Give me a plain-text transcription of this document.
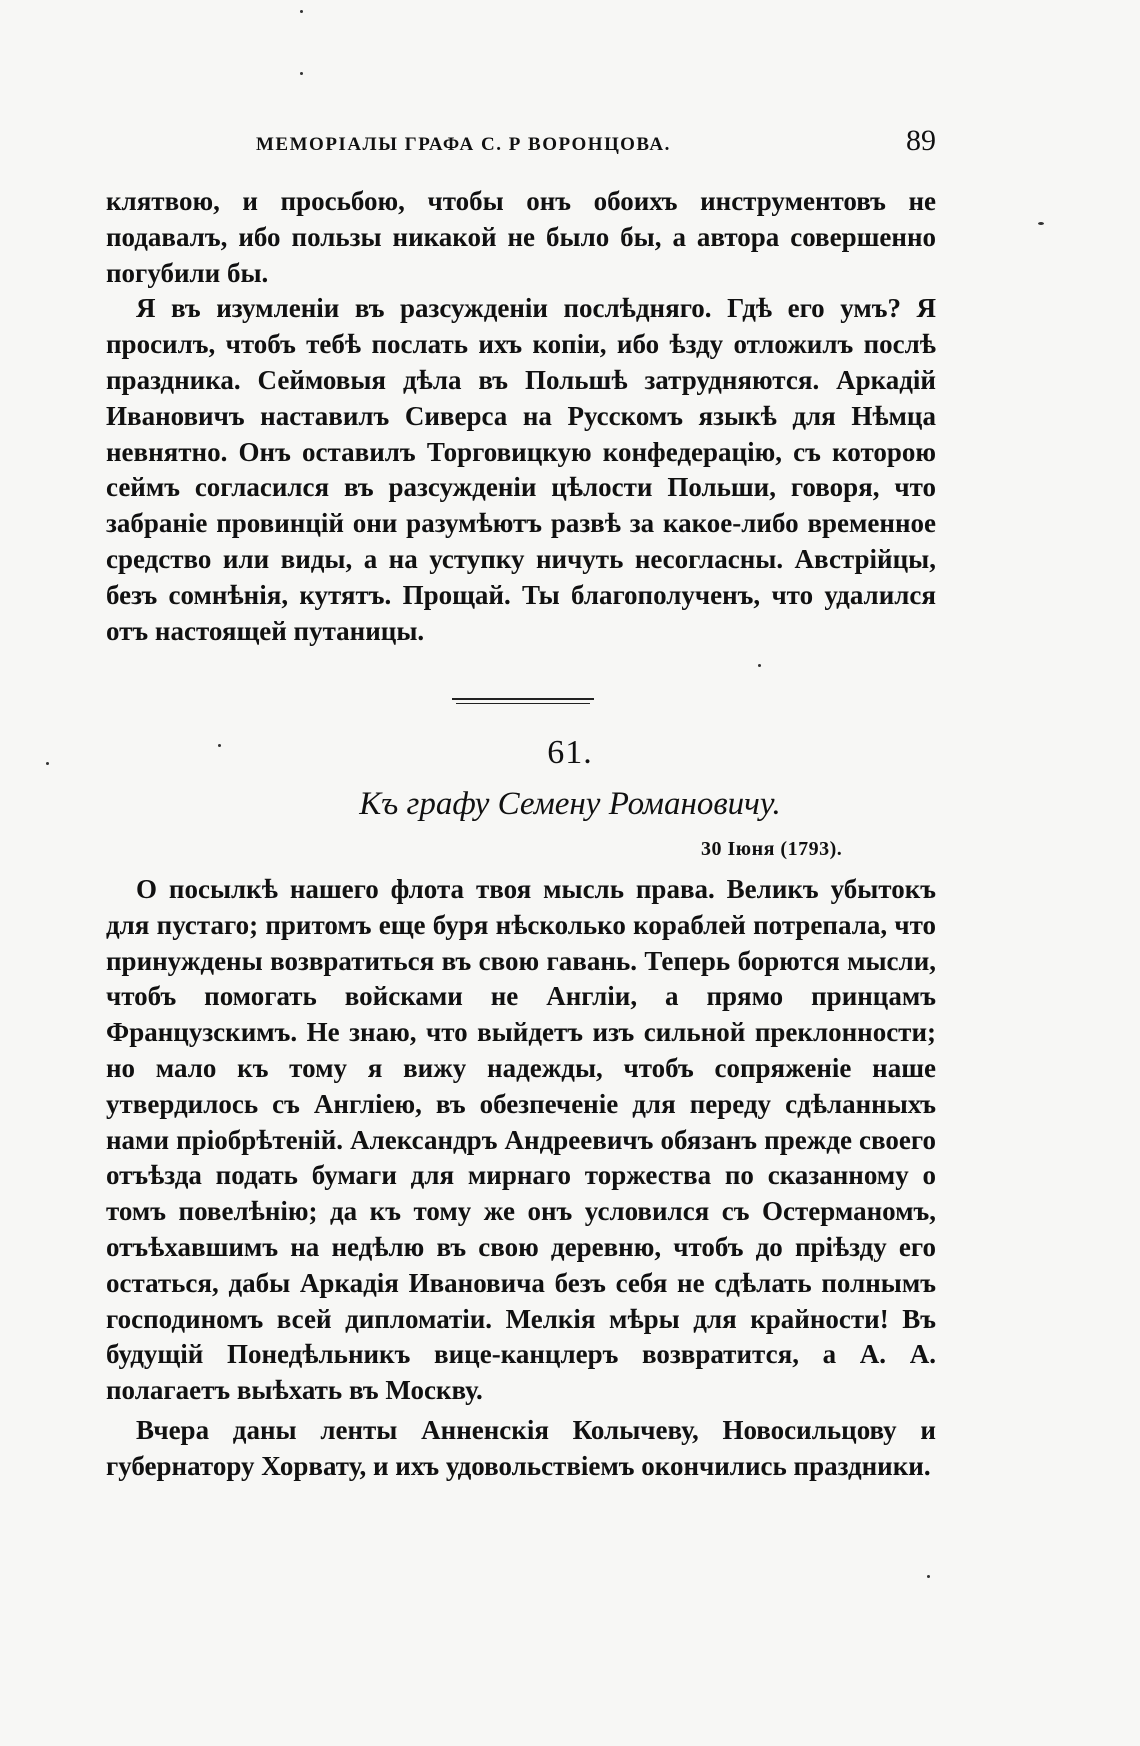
МЕМОРІАЛЫ ГРАФА С. Р ВОРОНЦОВА.	89

клятвою, и просьбою, чтобы онъ обоихъ инструментовъ не подавалъ, ибо пользы никакой не было бы, а автора совершенно погубили бы.

Я въ изумленіи въ разсужденіи послѣдняго. Гдѣ его умъ? Я просилъ, чтобъ тебѣ послать ихъ копіи, ибо ѣзду отложилъ послѣ праздника. Сеймовыя дѣла въ Польшѣ затрудняются. Аркадій Ивановичъ наставилъ Сиверса на Русскомъ языкѣ для Нѣмца невнятно. Онъ оставилъ Торговицкую конфедерацію, съ которою сеймъ согласился въ разсужденіи цѣлости Польши, говоря, что забраніе провинцій они разумѣютъ развѣ за какое-либо временное средство или виды, а на уступку ничуть несогласны. Австрійцы, безъ сомнѣнія, кутятъ. Прощай. Ты благополученъ, что удалился отъ настоящей путаницы.

61.
Къ графу Семену Романовичу.
30 Іюня (1793).

О посылкѣ нашего флота твоя мысль права. Великъ убытокъ для пустаго; притомъ еще буря нѣсколько кораблей потрепала, что принуждены возвратиться въ свою гавань. Теперь борются мысли, чтобъ помогать войсками не Англіи, а прямо принцамъ Французскимъ. Не знаю, что выйдетъ изъ сильной преклонности; но мало къ тому я вижу надежды, чтобъ сопряженіе наше утвердилось съ Англіею, въ обезпеченіе для переду сдѣланныхъ нами пріобрѣтеній. Александръ Андреевичъ обязанъ прежде своего отъѣзда подать бумаги для мирнаго торжества по сказанному о томъ повелѣнію; да къ тому же онъ условился съ Остерманомъ, отъѣхавшимъ на недѣлю въ свою деревню, чтобъ до пріѣзду его остаться, дабы Аркадія Ивановича безъ себя не сдѣлать полнымъ господиномъ всей дипломатіи. Мелкія мѣры для крайности! Въ будущій Понедѣльникъ вице-канцлеръ возвратится, а А. А. полагаетъ выѣхать въ Москву.

Вчера даны ленты Анненскія Колычеву, Новосильцову и губернатору Хорвату, и ихъ удовольствіемъ окончились праздники.
